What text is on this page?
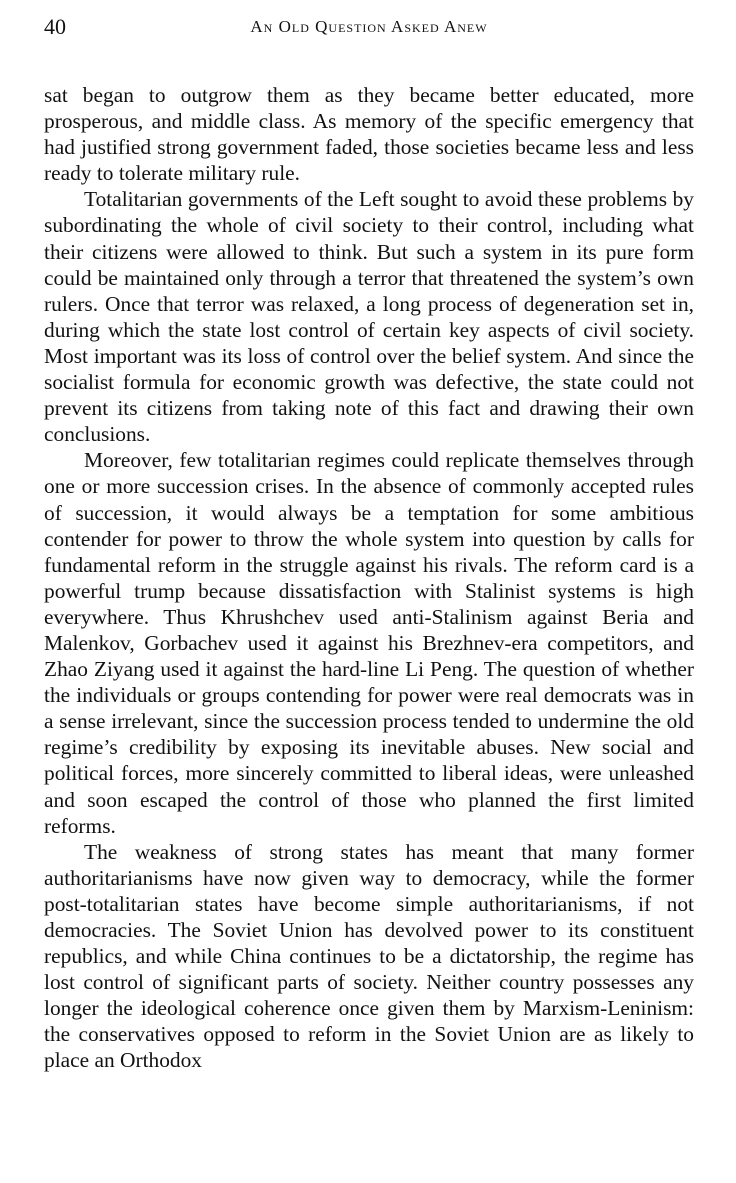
40	An Old Question Asked Anew

sat began to outgrow them as they became better educated, more prosperous, and middle class. As memory of the specific emergency that had justified strong government faded, those societies became less and less ready to tolerate military rule.

Totalitarian governments of the Left sought to avoid these problems by subordinating the whole of civil society to their control, including what their citizens were allowed to think. But such a system in its pure form could be maintained only through a terror that threatened the system’s own rulers. Once that terror was relaxed, a long process of degeneration set in, during which the state lost control of certain key aspects of civil society. Most important was its loss of control over the belief system. And since the socialist formula for economic growth was defective, the state could not prevent its citizens from taking note of this fact and drawing their own conclusions.

Moreover, few totalitarian regimes could replicate themselves through one or more succession crises. In the absence of commonly accepted rules of succession, it would always be a temptation for some ambitious contender for power to throw the whole system into question by calls for fundamental reform in the struggle against his rivals. The reform card is a powerful trump because dissatisfaction with Stalinist systems is high everywhere. Thus Khrushchev used anti-Stalinism against Beria and Malenkov, Gorbachev used it against his Brezhnev-era competitors, and Zhao Ziyang used it against the hard-line Li Peng. The question of whether the individuals or groups contending for power were real democrats was in a sense irrelevant, since the succession process tended to undermine the old regime’s credibility by exposing its inevitable abuses. New social and political forces, more sincerely committed to liberal ideas, were unleashed and soon escaped the control of those who planned the first limited reforms.

The weakness of strong states has meant that many former authoritarianisms have now given way to democracy, while the former post-totalitarian states have become simple authoritarianisms, if not democracies. The Soviet Union has devolved power to its constituent republics, and while China continues to be a dictatorship, the regime has lost control of significant parts of society. Neither country possesses any longer the ideological coherence once given them by Marxism-Leninism: the conservatives opposed to reform in the Soviet Union are as likely to place an Orthodox
